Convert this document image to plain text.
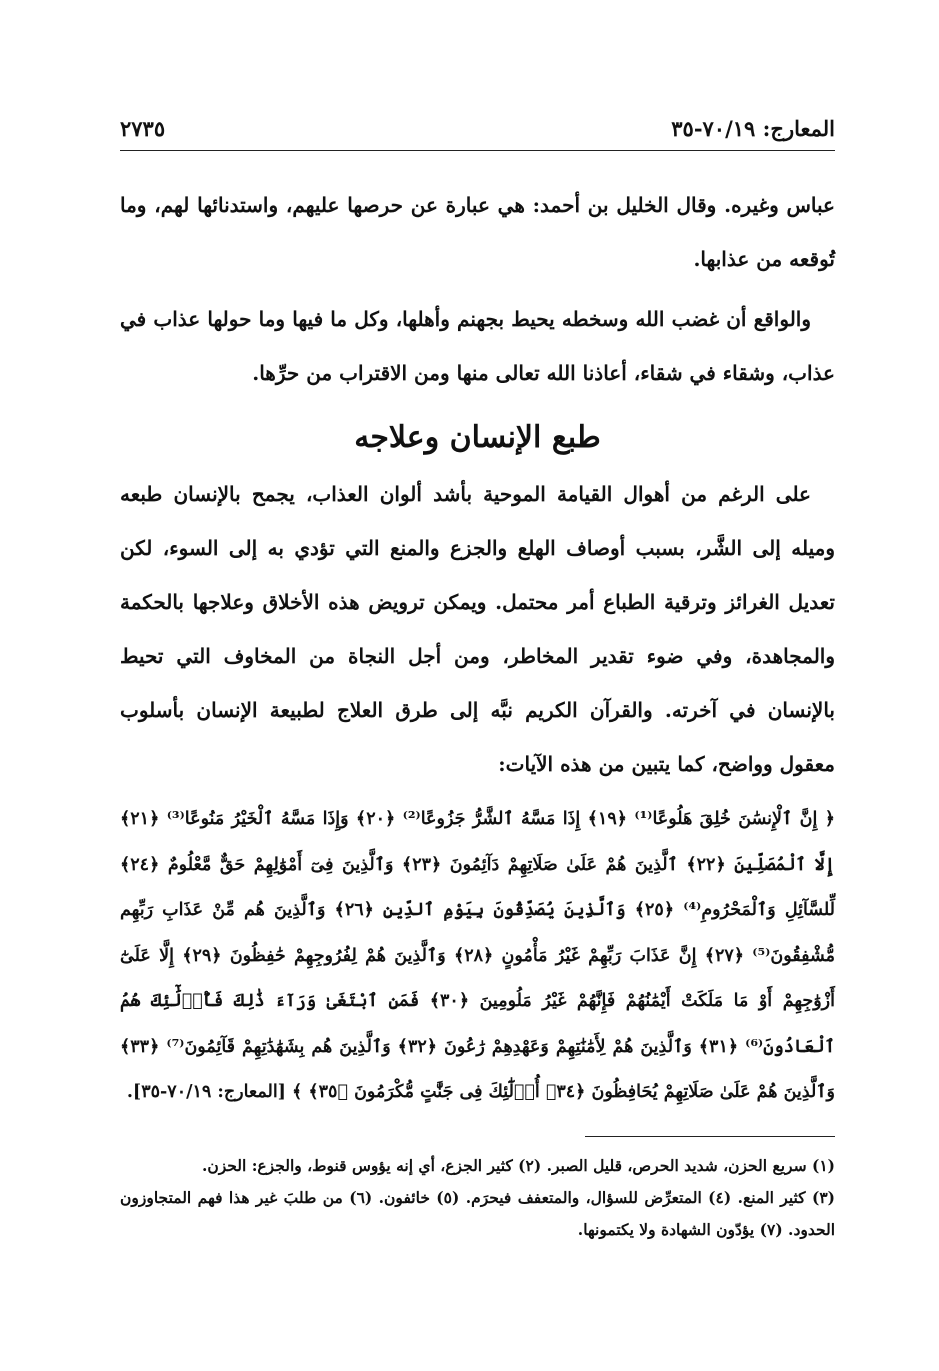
المعارج: ٧٠/١٩-٣٥
٢٧٣٥

عباس وغيره. وقال الخليل بن أحمد: هي عبارة عن حرصها عليهم، واستدنائها لهم، وما تُوقعه من عذابها.

والواقع أن غضب الله وسخطه يحيط بجهنم وأهلها، وكل ما فيها وما حولها عذاب في عذاب، وشقاء في شقاء، أعاذنا الله تعالى منها ومن الاقتراب من حرِّها.

طبع الإنسان وعلاجه

على الرغم من أهوال القيامة الموحية بأشد ألوان العذاب، يجمح بالإنسان طبعه وميله إلى الشَّر، بسبب أوصاف الهلع والجزع والمنع التي تؤدي به إلى السوء، لكن تعديل الغرائز وترقية الطباع أمر محتمل. ويمكن ترويض هذه الأخلاق وعلاجها بالحكمة والمجاهدة، وفي ضوء تقدير المخاطر، ومن أجل النجاة من المخاوف التي تحيط بالإنسان في آخرته. والقرآن الكريم نبَّه إلى طرق العلاج لطبيعة الإنسان بأسلوب معقول وواضح، كما يتبين من هذه الآيات:

﴿ إِنَّ ٱلْإِنسَٰنَ خُلِقَ هَلُوعًا⁽¹⁾ ﴿١٩﴾ إِذَا مَسَّهُ ٱلشَّرُّ جَزُوعًا⁽²⁾ ﴿٢٠﴾ وَإِذَا مَسَّهُ ٱلْخَيْرُ مَنُوعًا⁽³⁾ ﴿٢١﴾ إِلَّا ٱلْمُصَلِّينَ ﴿٢٢﴾ ٱلَّذِينَ هُمْ عَلَىٰ صَلَاتِهِمْ دَآئِمُونَ ﴿٢٣﴾ وَٱلَّذِينَ فِىٓ أَمْوَٰلِهِمْ حَقٌّ مَّعْلُومٌ ﴿٢٤﴾ لِّلسَّآئِلِ وَٱلْمَحْرُومِ⁽⁴⁾ ﴿٢٥﴾ وَٱلَّذِينَ يُصَدِّقُونَ بِيَوْمِ ٱلدِّينِ ﴿٢٦﴾ وَٱلَّذِينَ هُم مِّنْ عَذَابِ رَبِّهِم مُّشْفِقُونَ⁽⁵⁾ ﴿٢٧﴾ إِنَّ عَذَابَ رَبِّهِمْ غَيْرُ مَأْمُونٍ ﴿٢٨﴾ وَٱلَّذِينَ هُمْ لِفُرُوجِهِمْ حَٰفِظُونَ ﴿٢٩﴾ إِلَّا عَلَىٰٓ أَزْوَٰجِهِمْ أَوْ مَا مَلَكَتْ أَيْمَٰنُهُمْ فَإِنَّهُمْ غَيْرُ مَلُومِينَ ﴿٣٠﴾ فَمَنِ ٱبْتَغَىٰ وَرَآءَ ذَٰلِكَ فَأُو۟لَٰٓئِكَ هُمُ ٱلْعَادُونَ⁽⁶⁾ ﴿٣١﴾ وَٱلَّذِينَ هُمْ لِأَمَٰنَٰتِهِمْ وَعَهْدِهِمْ رَٰعُونَ ﴿٣٢﴾ وَٱلَّذِينَ هُم بِشَهَٰدَٰتِهِمْ قَآئِمُونَ⁽⁷⁾ ﴿٣٣﴾ وَٱلَّذِينَ هُمْ عَلَىٰ صَلَاتِهِمْ يُحَافِظُونَ ﴿٣٤﴾ أُو۟لَٰٓئِكَ فِى جَنَّٰتٍ مُّكْرَمُونَ ﴿٣٥﴾ ﴾ [المعارج: ٧٠/١٩-٣٥].

(١) سريع الحزن، شديد الحرص، قليل الصبر. (٢) كثير الجزع، أي إنه يؤوس قنوط، والجزع: الحزن.
(٣) كثير المنع. (٤) المتعرِّض للسؤال، والمتعفف فيحرَم. (٥) خائفون. (٦) من طلبَ غير هذا فهم المتجاوزون الحدود. (٧) يؤدّون الشهادة ولا يكتمونها.
